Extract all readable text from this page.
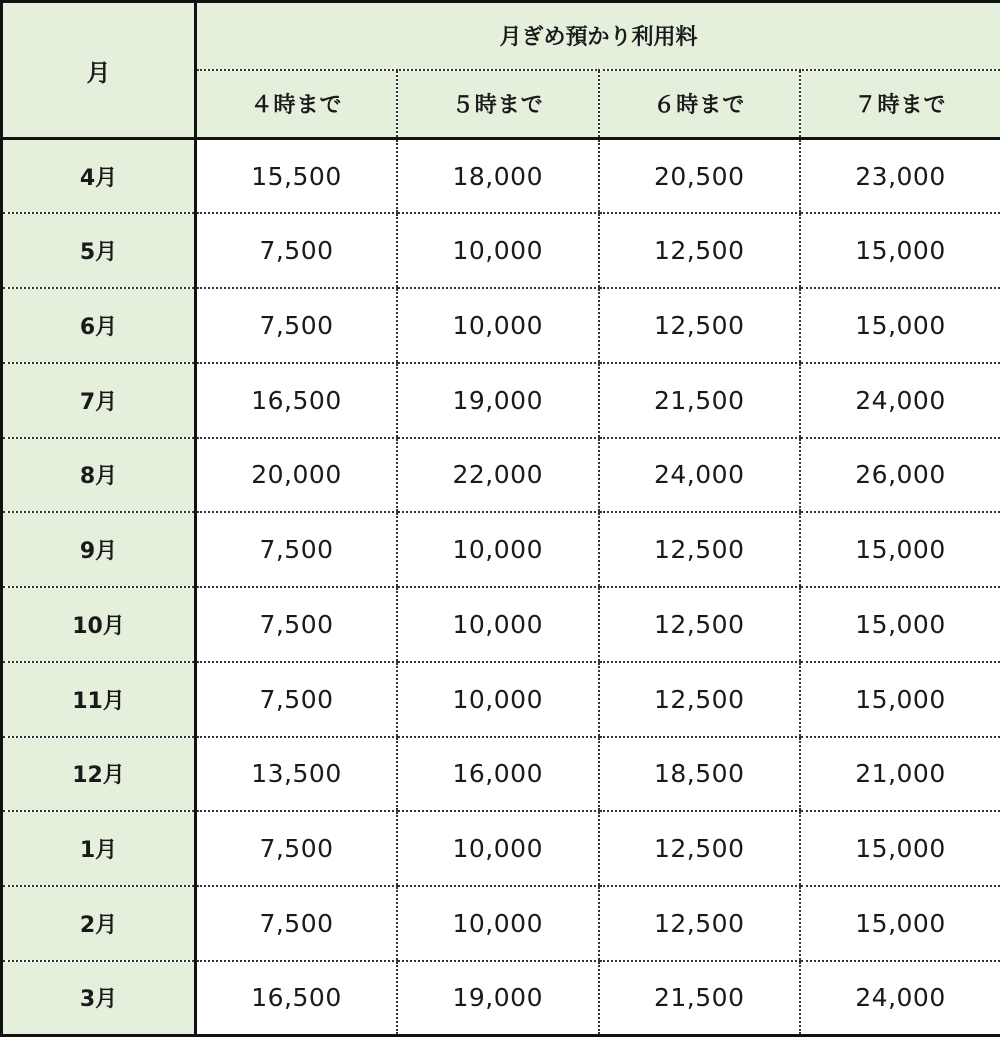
月	月ぎめ預かり利用料			
	４時まで	５時まで	６時まで	７時まで
4月	15,500	18,000	20,500	23,000
5月	7,500	10,000	12,500	15,000
6月	7,500	10,000	12,500	15,000
7月	16,500	19,000	21,500	24,000
8月	20,000	22,000	24,000	26,000
9月	7,500	10,000	12,500	15,000
10月	7,500	10,000	12,500	15,000
11月	7,500	10,000	12,500	15,000
12月	13,500	16,000	18,500	21,000
1月	7,500	10,000	12,500	15,000
2月	7,500	10,000	12,500	15,000
3月	16,500	19,000	21,500	24,000
